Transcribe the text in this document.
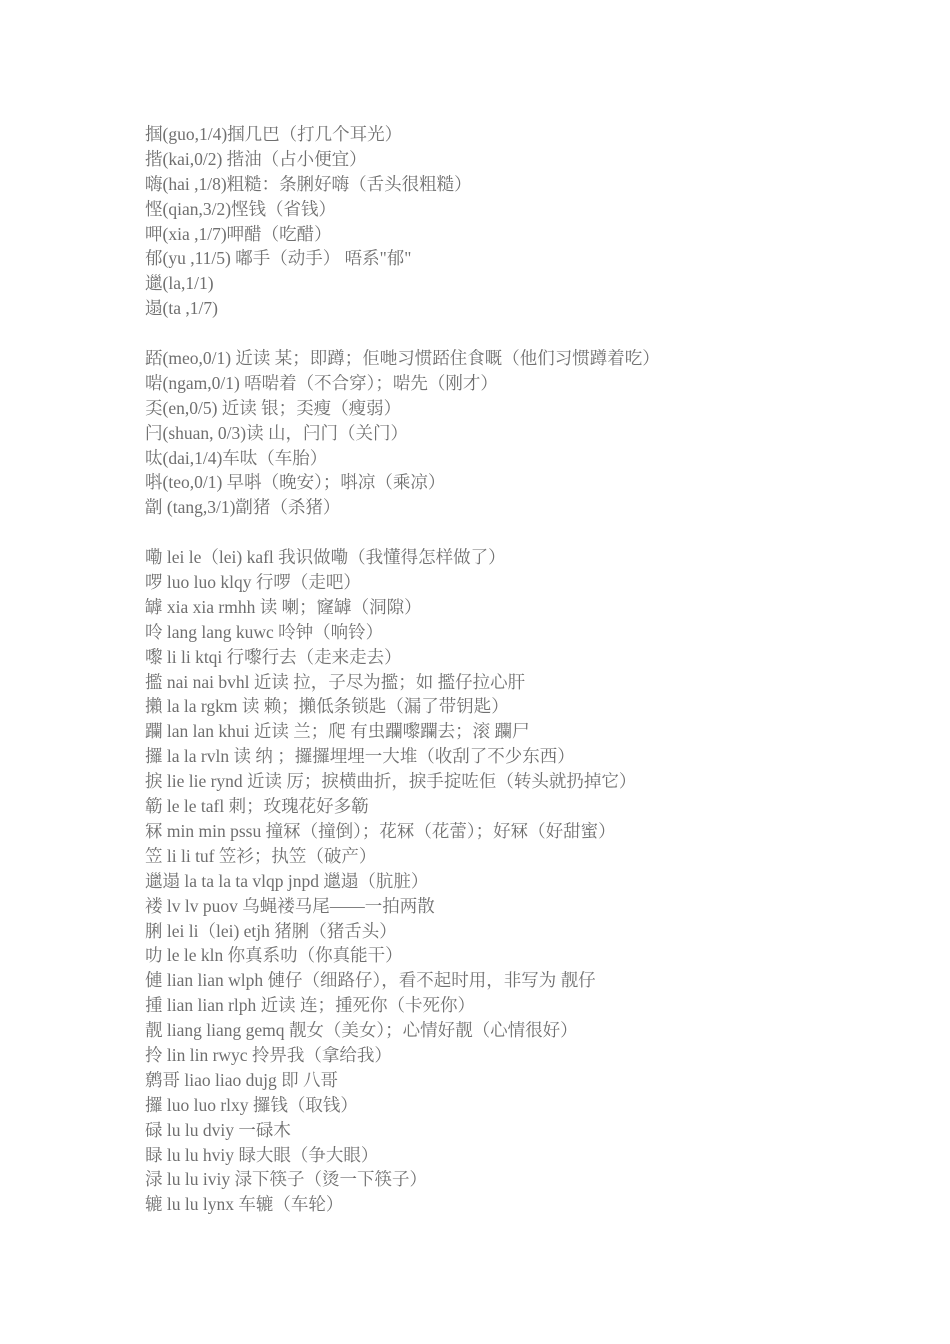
掴(guo,1/4)掴几巴（打几个耳光）
揩(kai,0/2) 揩油（占小便宜）
嗨(hai ,1/8)粗糙：条脷好嗨（舌头很粗糙）
悭(qian,3/2)悭钱（省钱）
呷(xia ,1/7)呷醋（吃醋）
郁(yu ,11/5) 嘟手（动手） 唔系"郁"
邋(la,1/1)
遢(ta ,1/7)
踎(meo,0/1) 近读 某；即蹲；佢哋习惯踎住食嘅（他们习惯蹲着吃）
啱(ngam,0/1) 唔啱着（不合穿）；啱先（刚才）
奀(en,0/5) 近读 银；奀瘦（瘦弱）
闩(shuan, 0/3)读 山，闩门（关门）
呔(dai,1/4)车呔（车胎）
唞(teo,0/1) 早唞（晚安）；唞凉（乘凉）
劏 (tang,3/1)劏猪（杀猪）
嘞 lei le（lei) kafl 我识做嘞（我懂得怎样做了）
啰 luo luo klqy 行啰（走吧）
罅 xia xia rmhh 读 喇；窿罅（洞隙）
呤 lang lang kuwc 呤钟（响铃）
嚟 li li ktqi 行嚟行去（走来走去）
㩜 nai nai bvhl 近读 拉，子尽为㩜；如 㩜仔拉心肝
攋 la la rgkm 读 赖；攋低条锁匙（漏了带钥匙）
躝 lan lan khui 近读 兰；爬 有虫躝嚟躝去；滚 躝尸
攞 la la rvln 读 纳 ；攞攞埋埋一大堆（收刮了不少东西）
捩 lie lie rynd 近读 厉；捩横曲折，捩手掟咗佢（转头就扔掉它）
簕 le le tafl 刺；玫瑰花好多簕
冧 min min pssu 撞冧（撞倒）；花冧（花蕾）；好冧（好甜蜜）
笠 li li tuf 笠衫；执笠（破产）
邋遢 la ta la ta vlqp jnpd 邋遢（肮脏）
褛 lv lv puov 乌蝇褛马尾——一拍两散
脷 lei li（lei) etjh 猪脷（猪舌头）
叻 le le kln 你真系叻（你真能干）
僆 lian lian wlph 僆仔（细路仔），看不起时用，非写为 靓仔
揰 lian lian rlph 近读 连；揰死你（卡死你）
靓 liang liang gemq 靓女（美女）；心情好靓（心情很好）
拎 lin lin rwyc 拎畀我（拿给我）
鹩哥 liao liao dujg 即 八哥
攞 luo luo rlxy 攞钱（取钱）
碌 lu lu dviy 一碌木
睩 lu lu hviy 睩大眼（争大眼）
渌 lu lu iviy 渌下筷子（烫一下筷子）
辘 lu lu lynx 车辘（车轮）
